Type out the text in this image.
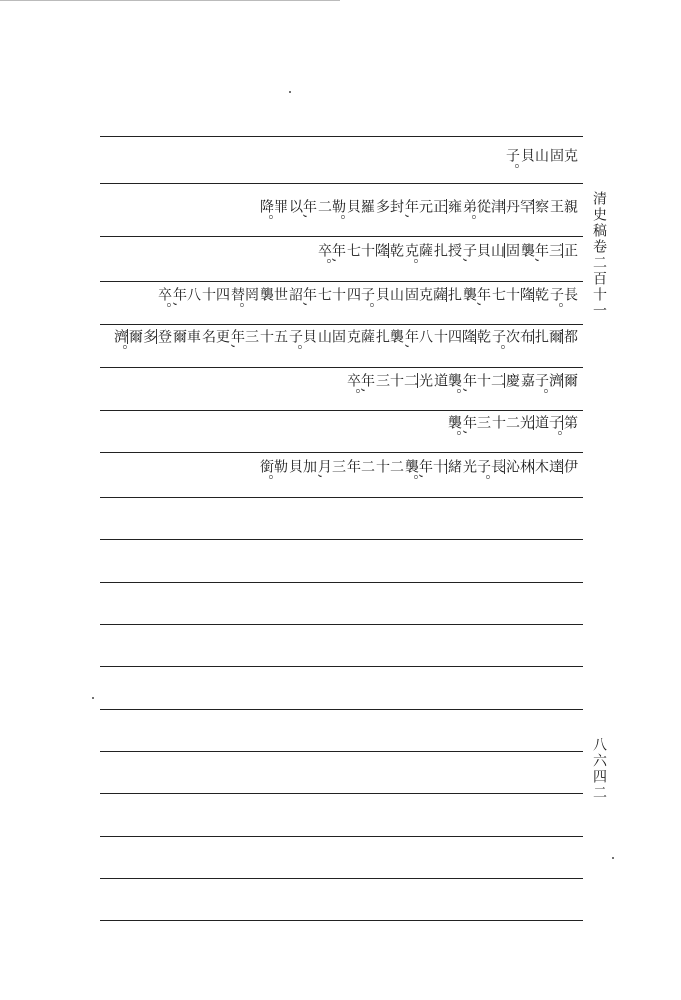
克
固
山
貝
子。
親
王
察
罕
丹
津
從
弟。
雍
正
元
年,
封
多
羅
貝
勒。
二
年,
以
罪
降。
正
三
年,
襲
固
山
貝
子,
授
扎
薩
克。
乾
隆
十
七
年,
卒。
長
子。
乾
隆
十
七
年,
襲
扎
薩
克
固
山
貝
子。
四
十
七
年,
詔
世
襲
罔
替。
四
十
八
年,
卒。
都
爾
扎
布
次
子。
乾
隆
四
十
八
年,
襲
扎
薩
克
固
山
貝
子。
五
十
三
年,
更
名
車
爾
登
多
爾
濟。
爾
濟
子。
嘉
慶
二
十
年,
襲。
道
光
二
十
三
年,
卒。
第
子。
道
光
二
十
三
年,
襲。
伊
達
木
林
沁
長
子。
光
緒
十
年,
襲。
二
十
二
年
三
月,
加
貝
勒
銜。
清史稿卷二百十一
八六四二
